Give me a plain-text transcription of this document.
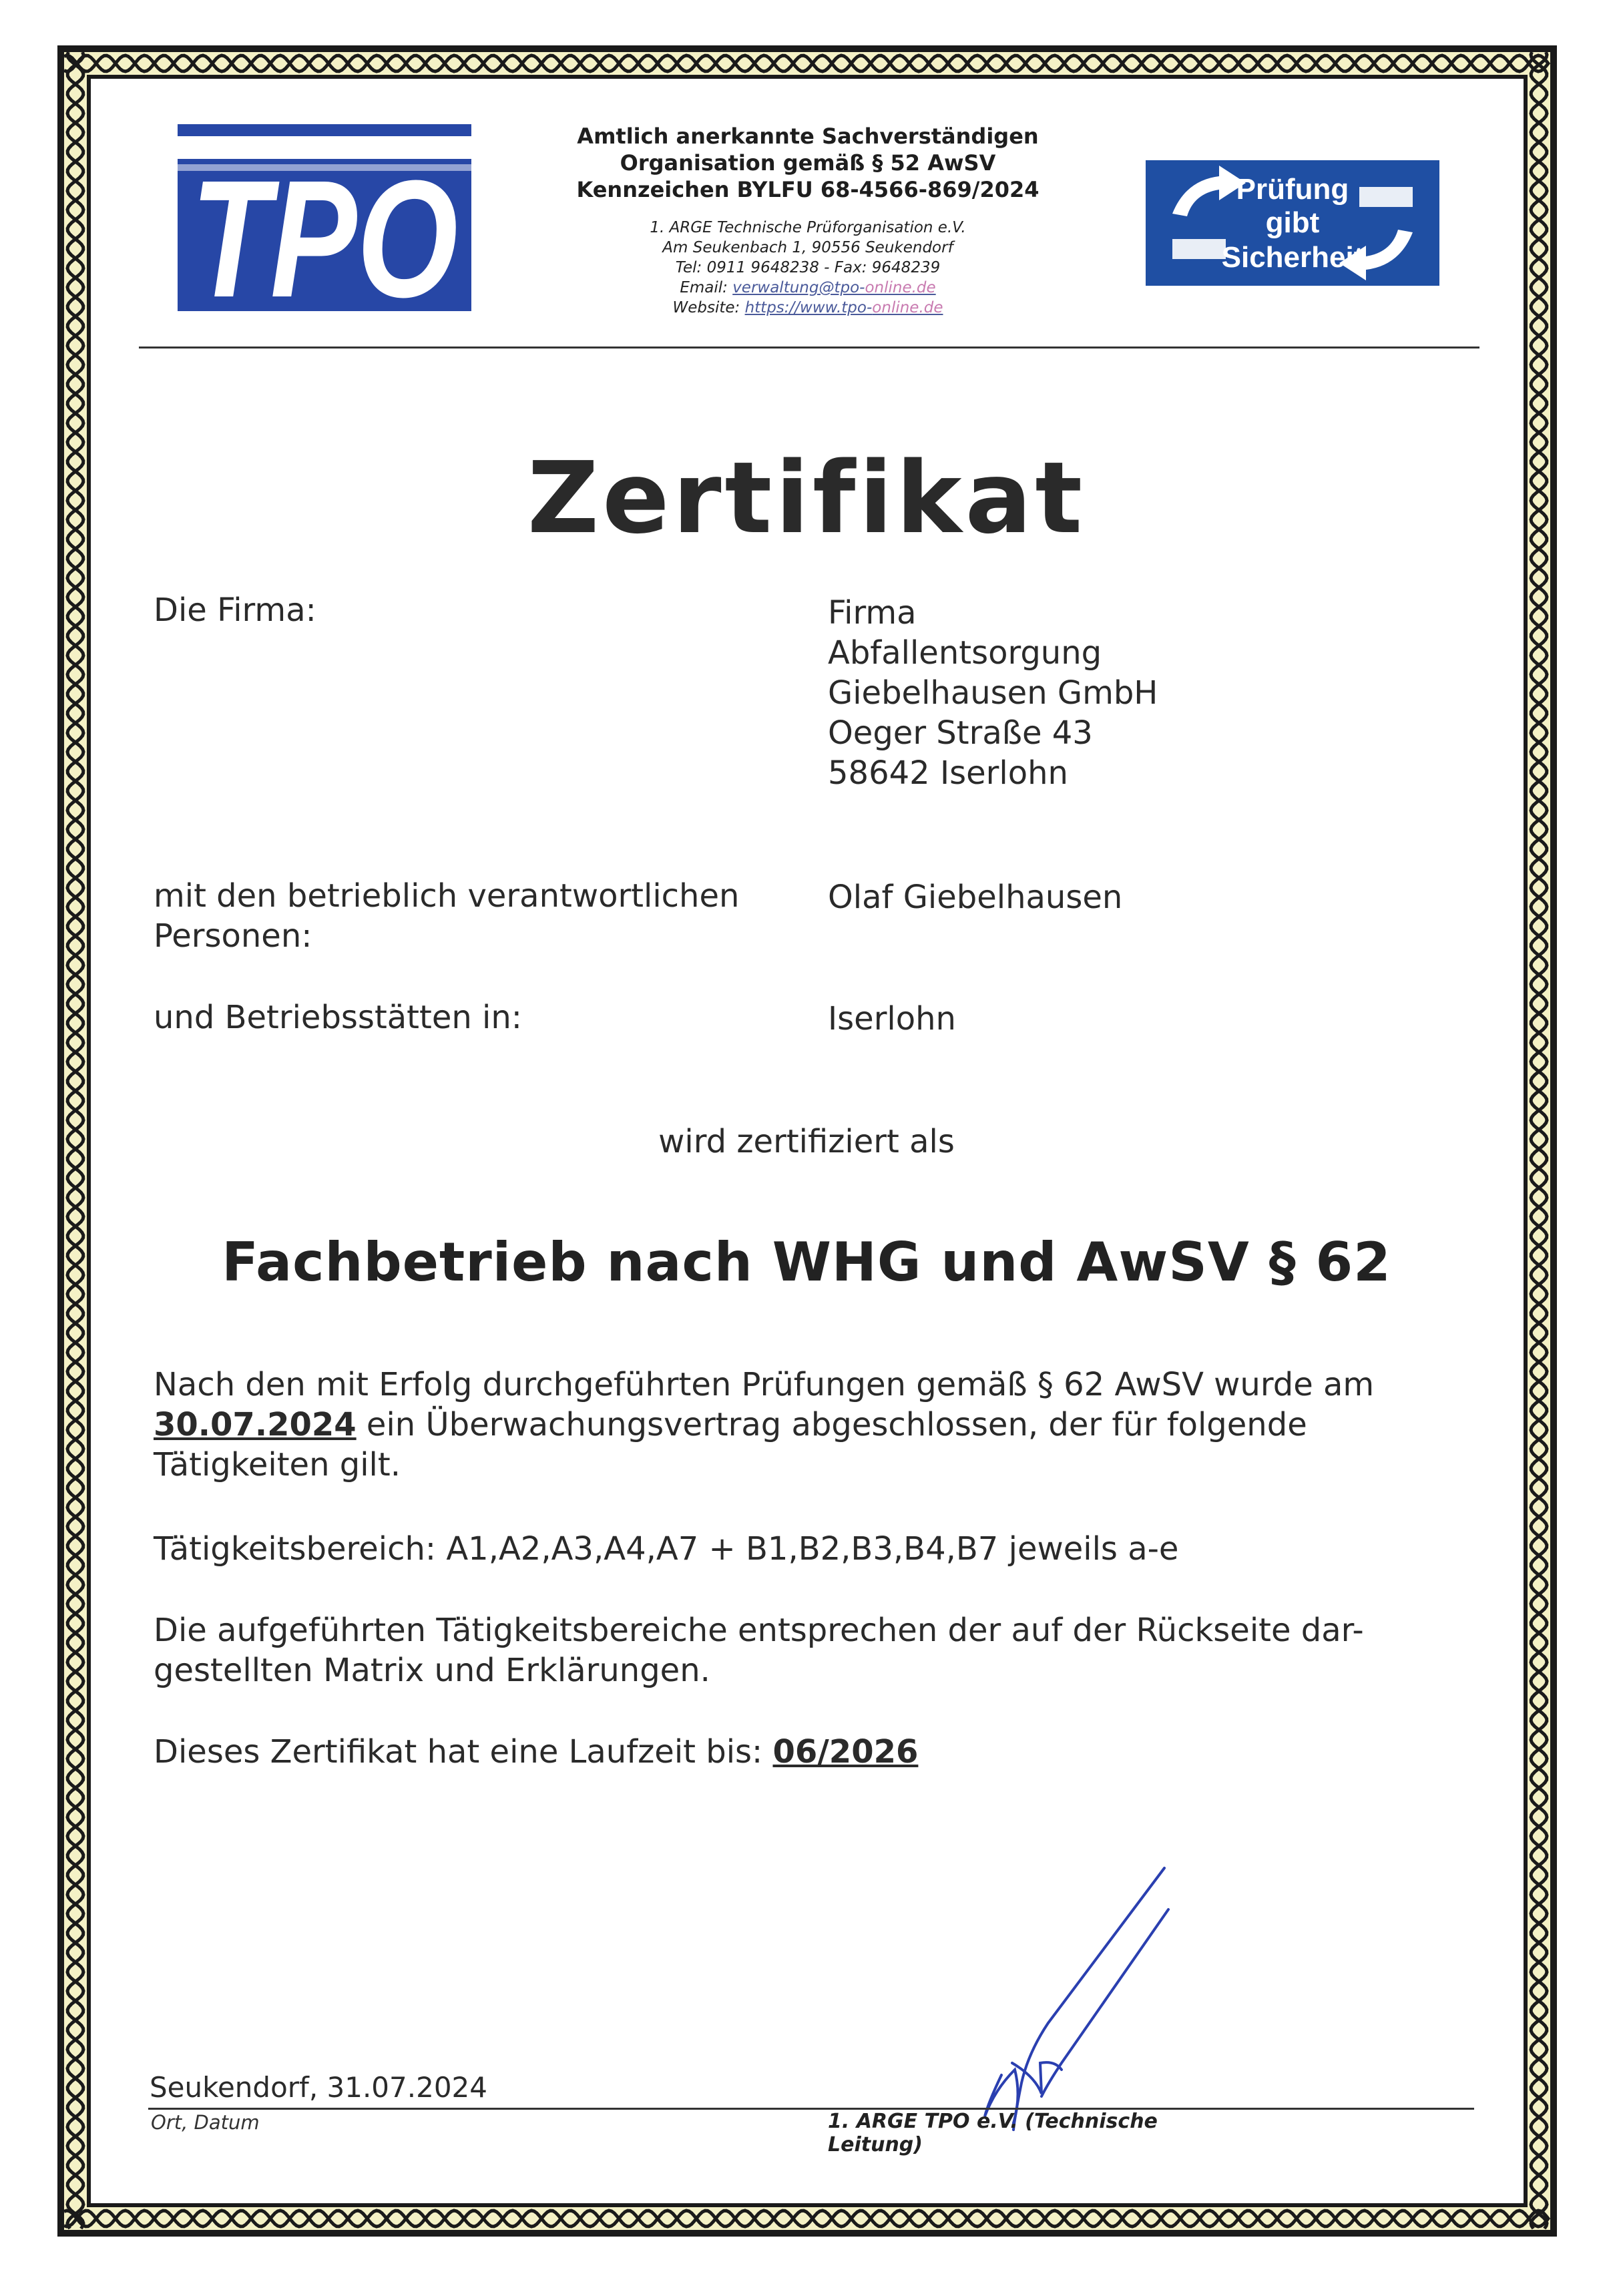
TPO
Amtlich anerkannte Sachverständigen
Organisation gemäß § 52 AwSV
Kennzeichen BYLFU 68-4566-869/2024
1. ARGE Technische Prüforganisation e.V.
Am Seukenbach 1, 90556 Seukendorf
Tel: 0911 9648238 - Fax: 9648239
Email: verwaltung@tpo-online.de
Website: https://www.tpo-online.de
Prüfung
gibt
Sicherheit
Zertifikat
Die Firma:	Firma
Abfallentsorgung
Giebelhausen GmbH
Oeger Straße 43
58642 Iserlohn
mit den betrieblich verantwortlichen
Personen:
Olaf Giebelhausen
und Betriebsstätten in:	Iserlohn
wird zertifiziert als
Fachbetrieb nach WHG und AwSV § 62
Nach den mit Erfolg durchgeführten Prüfungen gemäß § 62 AwSV wurde am
30.07.2024 ein Überwachungsvertrag abgeschlossen, der für folgende
Tätigkeiten gilt.
Tätigkeitsbereich: A1,A2,A3,A4,A7 + B1,B2,B3,B4,B7 jeweils a-e
Die aufgeführten Tätigkeitsbereiche entsprechen der auf der Rückseite dar-
gestellten Matrix und Erklärungen.
Dieses Zertifikat hat eine Laufzeit bis: 06/2026
Seukendorf, 31.07.2024
Ort, Datum	1. ARGE TPO e.V. (Technische Leitung)
